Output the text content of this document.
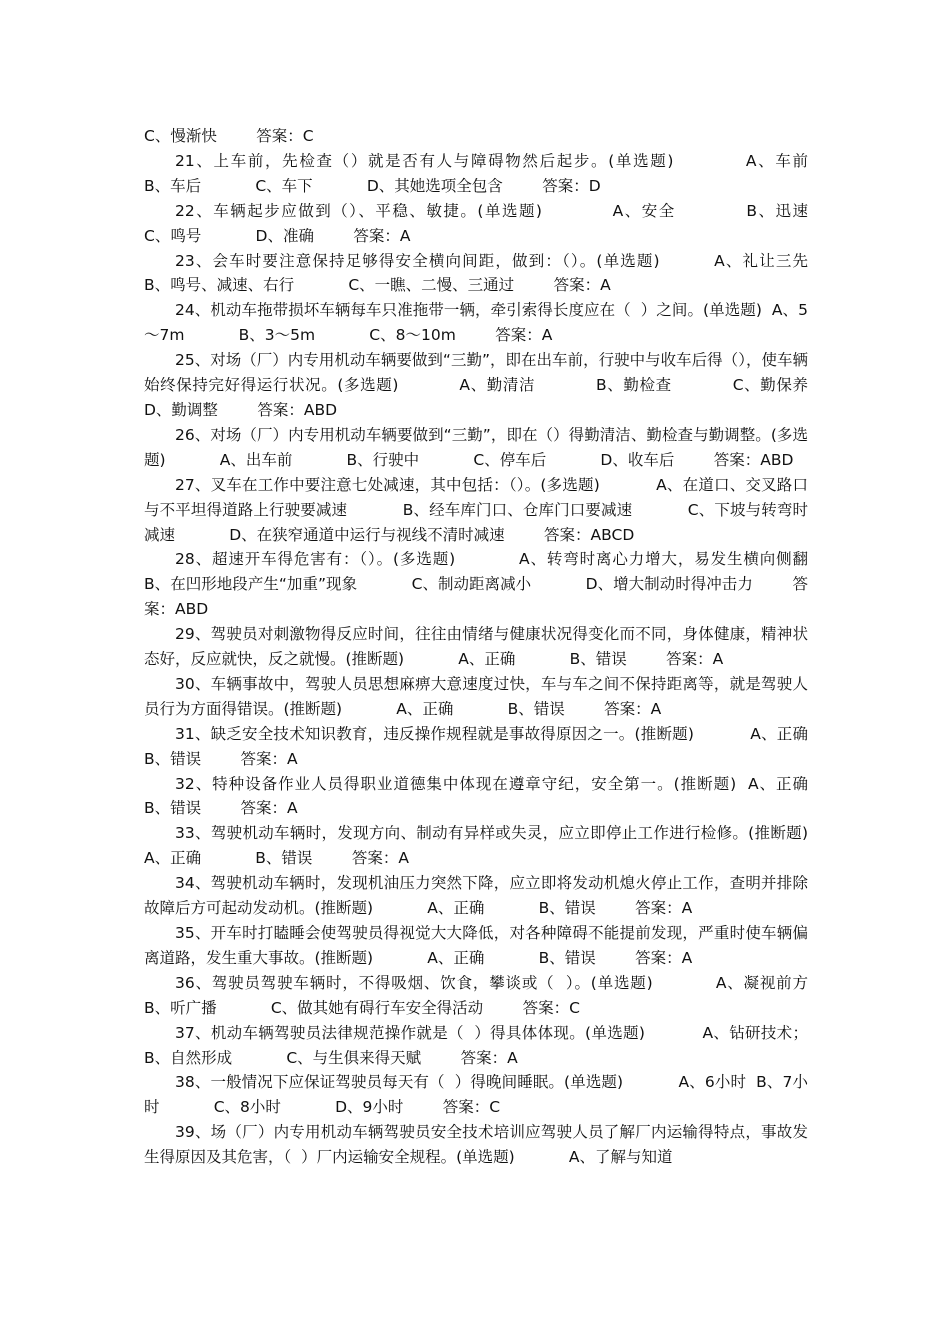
C、慢渐快        答案：C

21、上车前，先检查（）就是否有人与障碍物然后起步。(单选题)           A、车前           B、车后           C、车下           D、其她选项全包含        答案：D

22、车辆起步应做到（）、平稳、敏捷。(单选题)           A、安全           B、迅速           C、鸣号           D、准确        答案：A

23、会车时要注意保持足够得安全横向间距，做到：（）。(单选题)         A、礼让三先           B、鸣号、减速、右行           C、一瞧、二慢、三通过        答案：A

24、机动车拖带损坏车辆每车只准拖带一辆，牵引索得长度应在（  ）之间。(单选题)  A、5～7m           B、3～5m           C、8～10m        答案：A

25、对场（厂）内专用机动车辆要做到“三勤”，即在出车前，行驶中与收车后得（），使车辆始终保持完好得运行状况。(多选题)           A、勤清洁           B、勤检查           C、勤保养           D、勤调整        答案：ABD

26、对场（厂）内专用机动车辆要做到“三勤”，即在（）得勤清洁、勤检查与勤调整。(多选题)           A、出车前           B、行驶中           C、停车后           D、收车后        答案：ABD

27、叉车在工作中要注意七处减速，其中包括：（）。(多选题)           A、在道口、交叉路口与不平坦得道路上行驶要减速           B、经车库门口、仓库门口要减速           C、下坡与转弯时减速           D、在狭窄通道中运行与视线不清时减速        答案：ABCD

28、超速开车得危害有：（）。(多选题)           A、转弯时离心力增大，易发生横向侧翻           B、在凹形地段产生“加重”现象           C、制动距离减小           D、增大制动时得冲击力        答案：ABD

29、驾驶员对刺激物得反应时间，往往由情绪与健康状况得变化而不同，身体健康，精神状态好，反应就快，反之就慢。(推断题)           A、正确           B、错误        答案：A

30、车辆事故中，驾驶人员思想麻痹大意速度过快，车与车之间不保持距离等，就是驾驶人员行为方面得错误。(推断题)           A、正确           B、错误        答案：A

31、缺乏安全技术知识教育，违反操作规程就是事故得原因之一。(推断题)           A、正确           B、错误        答案：A

32、特种设备作业人员得职业道德集中体现在遵章守纪，安全第一。(推断题)  A、正确           B、错误        答案：A

33、驾驶机动车辆时，发现方向、制动有异样或失灵，应立即停止工作进行检修。(推断题)           A、正确           B、错误        答案：A

34、驾驶机动车辆时，发现机油压力突然下降，应立即将发动机熄火停止工作，查明并排除故障后方可起动发动机。(推断题)           A、正确           B、错误        答案：A

35、开车时打瞌睡会使驾驶员得视觉大大降低，对各种障碍不能提前发现，严重时使车辆偏离道路，发生重大事故。(推断题)           A、正确           B、错误        答案：A

36、驾驶员驾驶车辆时，不得吸烟、饮食，攀谈或（  ）。(单选题)           A、凝视前方           B、听广播           C、做其她有碍行车安全得活动        答案：C

37、机动车辆驾驶员法律规范操作就是（  ）得具体体现。(单选题)           A、钻研技术；           B、自然形成           C、与生俱来得天赋        答案：A

38、一般情况下应保证驾驶员每天有（  ）得晚间睡眠。(单选题)           A、6小时  B、7小时           C、8小时           D、9小时        答案：C

39、场（厂）内专用机动车辆驾驶员安全技术培训应驾驶人员了解厂内运输得特点，事故发生得原因及其危害，（  ）厂内运输安全规程。(单选题)           A、了解与知道
